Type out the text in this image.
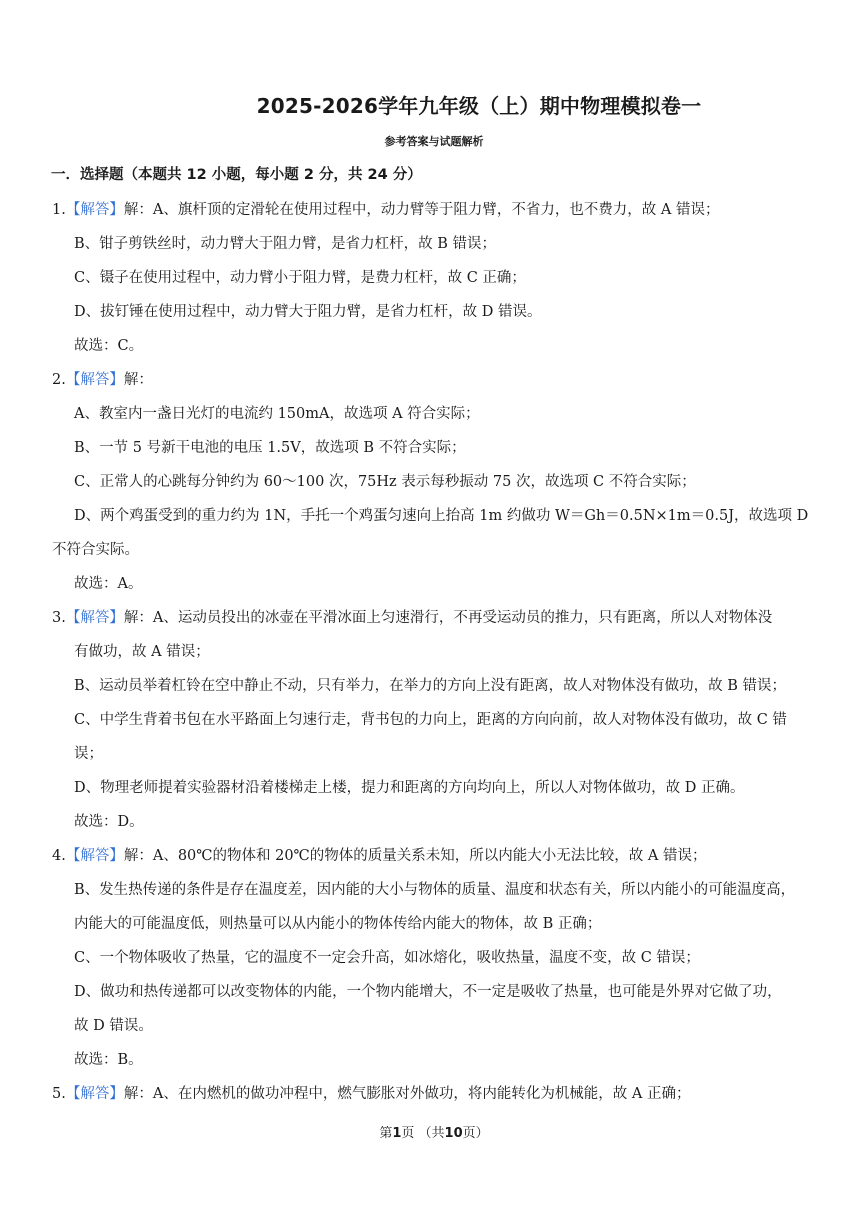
2025-2026学年九年级（上）期中物理模拟卷一
参考答案与试题解析
一．选择题（本题共 12 小题，每小题 2 分，共 24 分）
1.【解答】解：A、旗杆顶的定滑轮在使用过程中，动力臂等于阻力臂，不省力，也不费力，故 A 错误；
B、钳子剪铁丝时，动力臂大于阻力臂，是省力杠杆，故 B 错误；
C、镊子在使用过程中，动力臂小于阻力臂，是费力杠杆，故 C 正确；
D、拔钉锤在使用过程中，动力臂大于阻力臂，是省力杠杆，故 D 错误。
故选：C。
2.【解答】解：
A、教室内一盏日光灯的电流约 150mA，故选项 A 符合实际；
B、一节 5 号新干电池的电压 1.5V，故选项 B 不符合实际；
C、正常人的心跳每分钟约为 60～100 次，75Hz 表示每秒振动 75 次，故选项 C 不符合实际；
D、两个鸡蛋受到的重力约为 1N，手托一个鸡蛋匀速向上抬高 1m 约做功 W＝Gh＝0.5N×1m＝0.5J，故选项 D
不符合实际。
故选：A。
3.【解答】解：A、运动员投出的冰壶在平滑冰面上匀速滑行，不再受运动员的推力，只有距离，所以人对物体没
有做功，故 A 错误；
B、运动员举着杠铃在空中静止不动，只有举力，在举力的方向上没有距离，故人对物体没有做功，故 B 错误；
C、中学生背着书包在水平路面上匀速行走，背书包的力向上，距离的方向向前，故人对物体没有做功，故 C 错
误；
D、物理老师提着实验器材沿着楼梯走上楼，提力和距离的方向均向上，所以人对物体做功，故 D 正确。
故选：D。
4.【解答】解：A、80℃的物体和 20℃的物体的质量关系未知，所以内能大小无法比较，故 A 错误；
B、发生热传递的条件是存在温度差，因内能的大小与物体的质量、温度和状态有关，所以内能小的可能温度高，
内能大的可能温度低，则热量可以从内能小的物体传给内能大的物体，故 B 正确；
C、一个物体吸收了热量，它的温度不一定会升高，如冰熔化，吸收热量，温度不变，故 C 错误；
D、做功和热传递都可以改变物体的内能，一个物内能增大，不一定是吸收了热量，也可能是外界对它做了功，
故 D 错误。
故选：B。
5.【解答】解：A、在内燃机的做功冲程中，燃气膨胀对外做功，将内能转化为机械能，故 A 正确；
第1页 （共10页）
